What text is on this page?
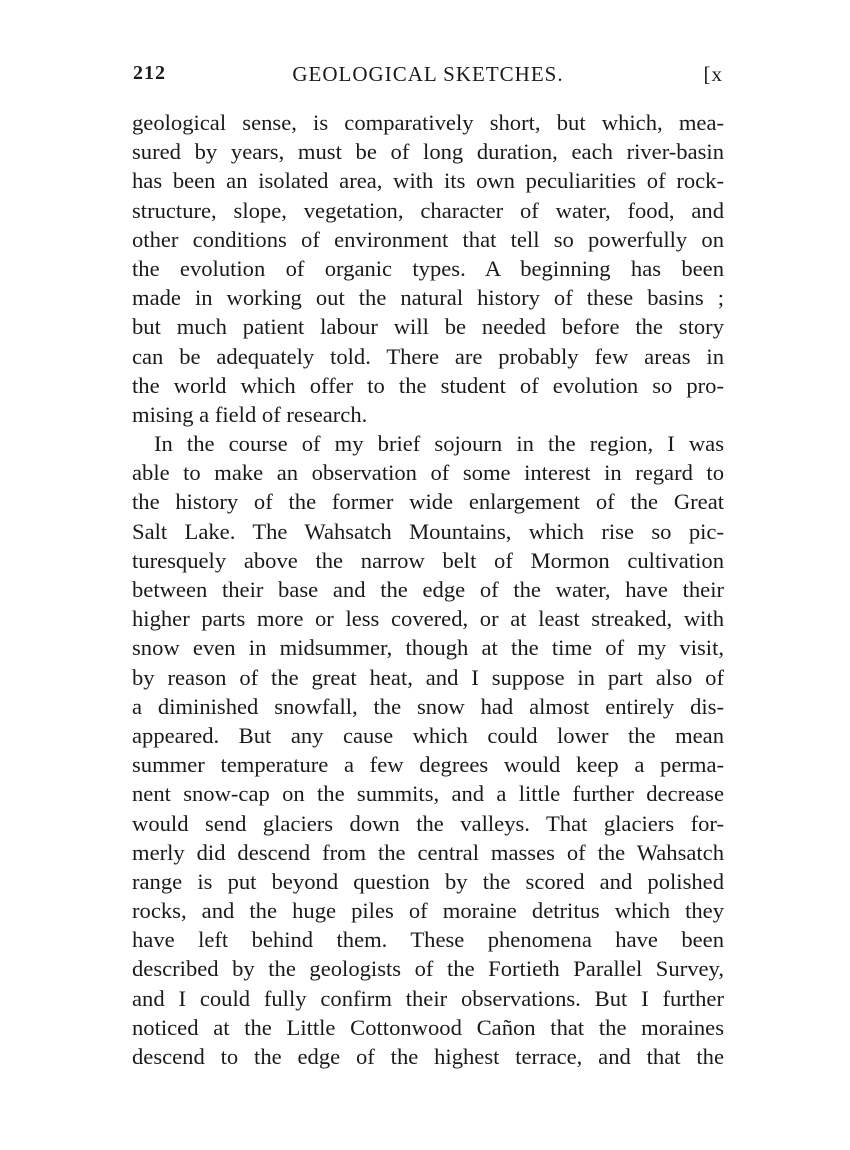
212	GEOLOGICAL SKETCHES.	[x
geological sense, is comparatively short, but which, mea-
sured by years, must be of long duration, each river-basin
has been an isolated area, with its own peculiarities of rock-
structure, slope, vegetation, character of water, food, and
other conditions of environment that tell so powerfully on
the evolution of organic types. A beginning has been
made in working out the natural history of these basins ;
but much patient labour will be needed before the story
can be adequately told. There are probably few areas in
the world which offer to the student of evolution so pro-
mising a field of research.
In the course of my brief sojourn in the region, I was
able to make an observation of some interest in regard to
the history of the former wide enlargement of the Great
Salt Lake. The Wahsatch Mountains, which rise so pic-
turesquely above the narrow belt of Mormon cultivation
between their base and the edge of the water, have their
higher parts more or less covered, or at least streaked, with
snow even in midsummer, though at the time of my visit,
by reason of the great heat, and I suppose in part also of
a diminished snowfall, the snow had almost entirely dis-
appeared. But any cause which could lower the mean
summer temperature a few degrees would keep a perma-
nent snow-cap on the summits, and a little further decrease
would send glaciers down the valleys. That glaciers for-
merly did descend from the central masses of the Wahsatch
range is put beyond question by the scored and polished
rocks, and the huge piles of moraine detritus which they
have left behind them. These phenomena have been
described by the geologists of the Fortieth Parallel Survey,
and I could fully confirm their observations. But I further
noticed at the Little Cottonwood Cañon that the moraines
descend to the edge of the highest terrace, and that the
